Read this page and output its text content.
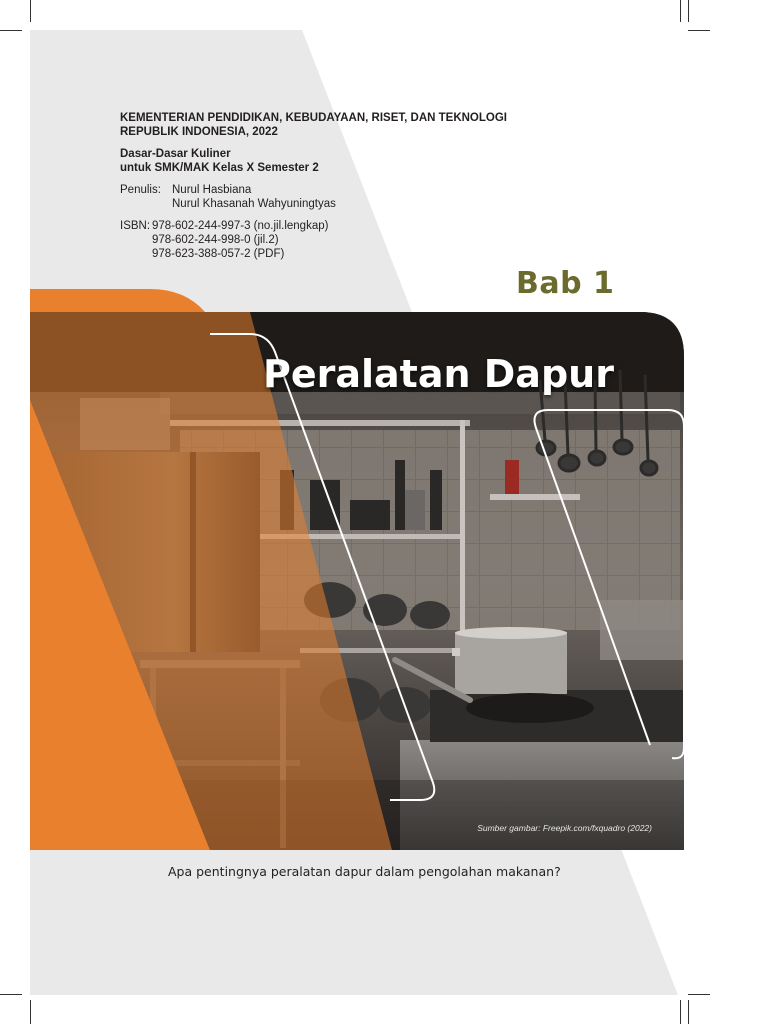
KEMENTERIAN PENDIDIKAN, KEBUDAYAAN, RISET, DAN TEKNOLOGI
REPUBLIK INDONESIA, 2022
Dasar-Dasar Kuliner
untuk SMK/MAK Kelas X Semester 2
Penulis: Nurul Hasbiana
Nurul Khasanah Wahyuningtyas
ISBN: 978-602-244-997-3 (no.jil.lengkap)
978-602-244-998-0 (jil.2)
978-623-388-057-2 (PDF)
Bab 1
Peralatan Dapur
Sumber gambar: Freepik.com/fxquadro (2022)
Apa pentingnya peralatan dapur dalam pengolahan makanan?
